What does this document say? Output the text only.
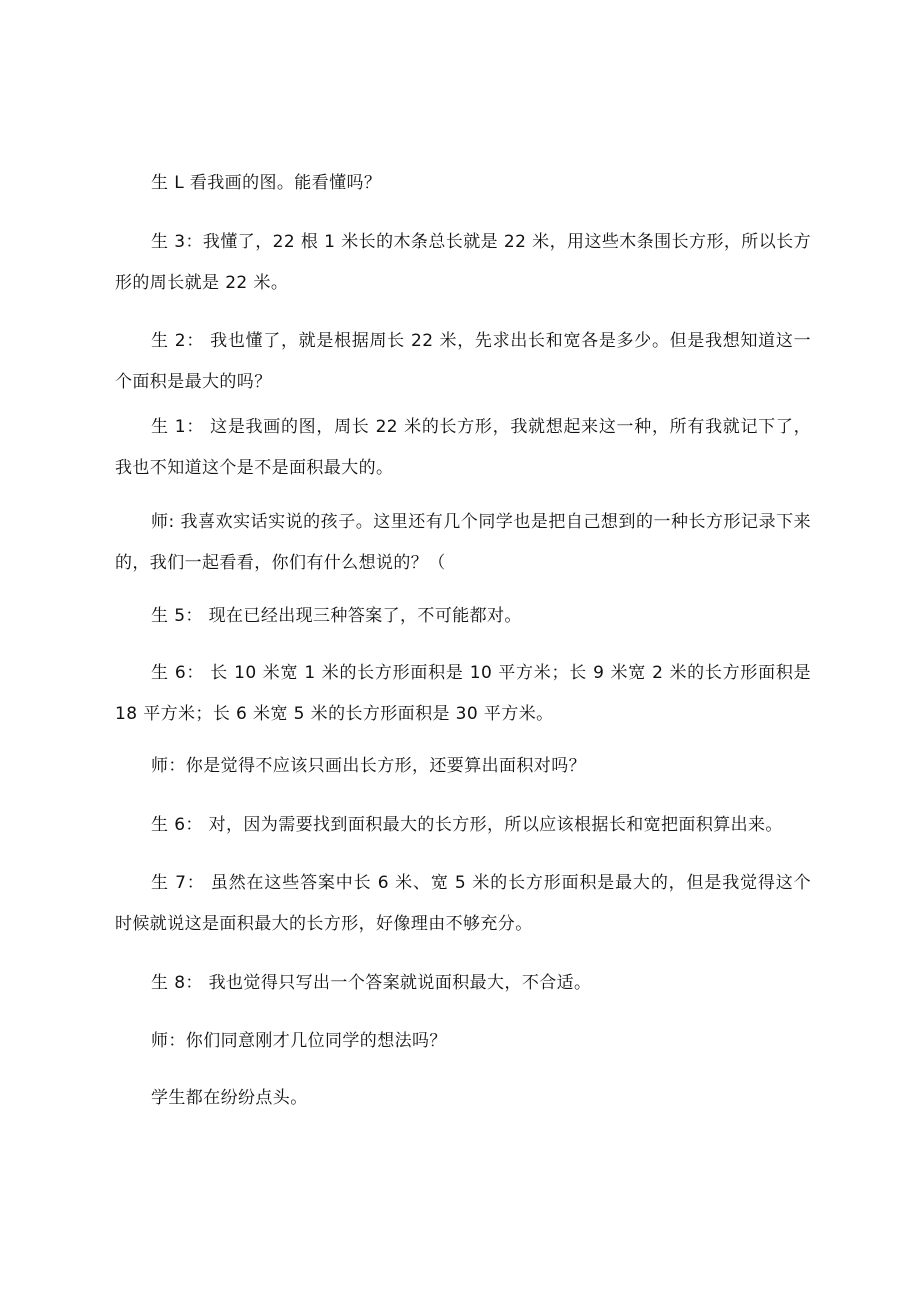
生 L 看我画的图。能看懂吗？

生 3：我懂了，22 根 1 米长的木条总长就是 22 米，用这些木条围长方形，所以长方形的周长就是 22 米。

生 2： 我也懂了，就是根据周长 22 米，先求出长和宽各是多少。但是我想知道这一个面积是最大的吗？

生 1： 这是我画的图，周长 22 米的长方形，我就想起来这一种，所有我就记下了，我也不知道这个是不是面积最大的。

师: 我喜欢实话实说的孩子。这里还有几个同学也是把自己想到的一种长方形记录下来的，我们一起看看，你们有什么想说的？（

生 5： 现在已经出现三种答案了，不可能都对。

生 6： 长 10 米宽 1 米的长方形面积是 10 平方米；长 9 米宽 2 米的长方形面积是 18 平方米；长 6 米宽 5 米的长方形面积是 30 平方米。

师：你是觉得不应该只画出长方形，还要算出面积对吗？

生 6： 对，因为需要找到面积最大的长方形，所以应该根据长和宽把面积算出来。

生 7： 虽然在这些答案中长 6 米、宽 5 米的长方形面积是最大的，但是我觉得这个时候就说这是面积最大的长方形，好像理由不够充分。

生 8： 我也觉得只写出一个答案就说面积最大，不合适。

师：你们同意刚才几位同学的想法吗？

学生都在纷纷点头。
